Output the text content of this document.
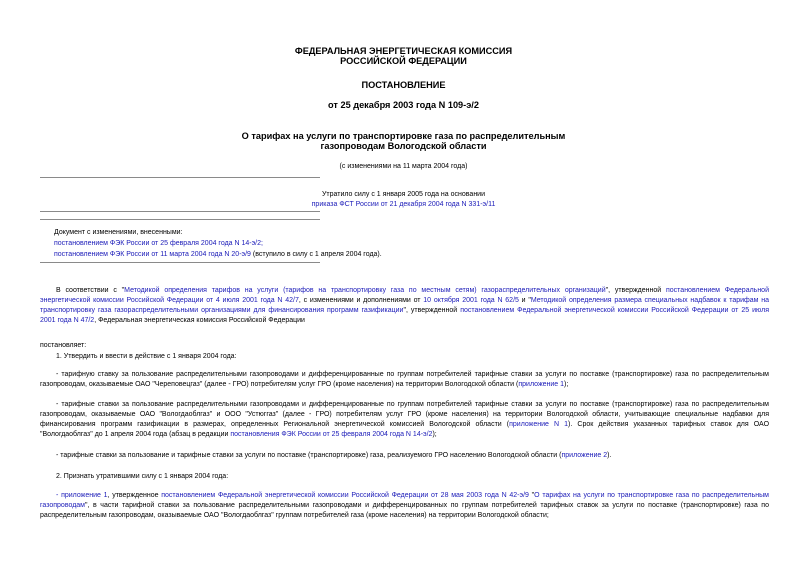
ФЕДЕРАЛЬНАЯ ЭНЕРГЕТИЧЕСКАЯ КОМИССИЯ
РОССИЙСКОЙ ФЕДЕРАЦИИ
ПОСТАНОВЛЕНИЕ
от 25 декабря 2003 года N 109-э/2
О тарифах на услуги по транспортировке газа по распределительным
газопроводам Вологодской области
(с изменениями на 11 марта 2004 года)
Утратило силу с 1 января 2005 года на основании
приказа ФСТ России от 21 декабря 2004 года N 331-э/11
Документ с изменениями, внесенными:
постановлением ФЭК России от 25 февраля 2004 года N 14-э/2;
постановлением ФЭК России от 11 марта 2004 года N 20-э/9 (вступило в силу с 1 апреля 2004 года).
В соответствии с "Методикой определения тарифов на услуги (тарифов на транспортировку газа по местным сетям) газораспределительных организаций", утвержденной постановлением Федеральной
энергетической комиссии Российской Федерации от 4 июля 2001 года N 42/7, с изменениями и дополнениями от 10 октября 2001 года N 62/5 и "Методикой определения размера специальных надбавок к тарифам на
транспортировку газа газораспределительными организациями для финансирования программ газификации", утвержденной постановлением Федеральной энергетической комиссии Российской Федерации от 25 июля
2001 года N 47/2, Федеральная энергетическая комиссия Российской Федерации
постановляет:
1. Утвердить и ввести в действие с 1 января 2004 года:
- тарифную ставку за пользование распределительными газопроводами и дифференцированные по группам потребителей тарифные ставки за услуги по поставке (транспортировке) газа по распределительным
газопроводам, оказываемые ОАО "Череповецгаз" (далее - ГРО) потребителям услуг ГРО (кроме населения) на территории Вологодской области (приложение 1);
- тарифные ставки за пользование распределительными газопроводами и дифференцированные по группам потребителей тарифные ставки за услуги по поставке (транспортировке) газа по распределительным
газопроводам, оказываемые ОАО "Вологдаоблгаз" и ООО "Устюггаз" (далее - ГРО) потребителям услуг ГРО (кроме населения) на территории Вологодской области, учитывающие специальные надбавки для
финансирования программ газификации в размерах, определенных Региональной энергетической комиссией Вологодской области (приложение N 1). Срок действия указанных тарифных ставок для ОАО
"Вологдаоблгаз" до 1 апреля 2004 года (абзац в редакции постановления ФЭК России от 25 февраля 2004 года N 14-э/2);
- тарифные ставки за пользование и тарифные ставки за услуги по поставке (транспортировке) газа, реализуемого ГРО населению Вологодской области (приложение 2).
2. Признать утратившими силу с 1 января 2004 года:
- приложение 1, утвержденное постановлением Федеральной энергетической комиссии Российской Федерации от 28 мая 2003 года N 42-э/9 "О тарифах на услуги по транспортировке газа по распределительным
газопроводам", в части тарифной ставки за пользование распределительными газопроводами и дифференцированных по группам потребителей тарифных ставок за услуги по поставке (транспортировке) газа по
распределительным газопроводам, оказываемые ОАО "Вологдаоблгаз" группам потребителей газа (кроме населения) на территории Вологодской области;
